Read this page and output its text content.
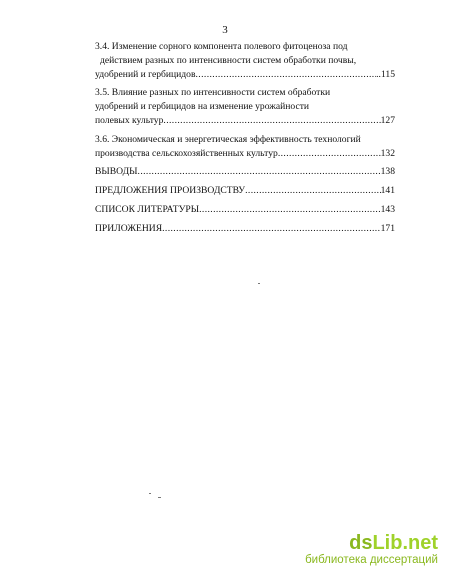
3
3.4. Изменение сорного компонента полевого фитоценоза под
действием разных по интенсивности систем обработки почвы,
удобрений и гербицидов .....	..115
3.5. Влияние разных по интенсивности систем обработки
удобрений и гербицидов на изменение урожайности
полевых культур .....	127
3.6. Экономическая и энергетическая эффективность технологий
производства сельскохозяйственных культур .....	132
ВЫВОДЫ .....	138
ПРЕДЛОЖЕНИЯ ПРОИЗВОДСТВУ .....	141
СПИСОК ЛИТЕРАТУРЫ .....	143
ПРИЛОЖЕНИЯ .....	171
dsLib.net
библиотека диссертаций
